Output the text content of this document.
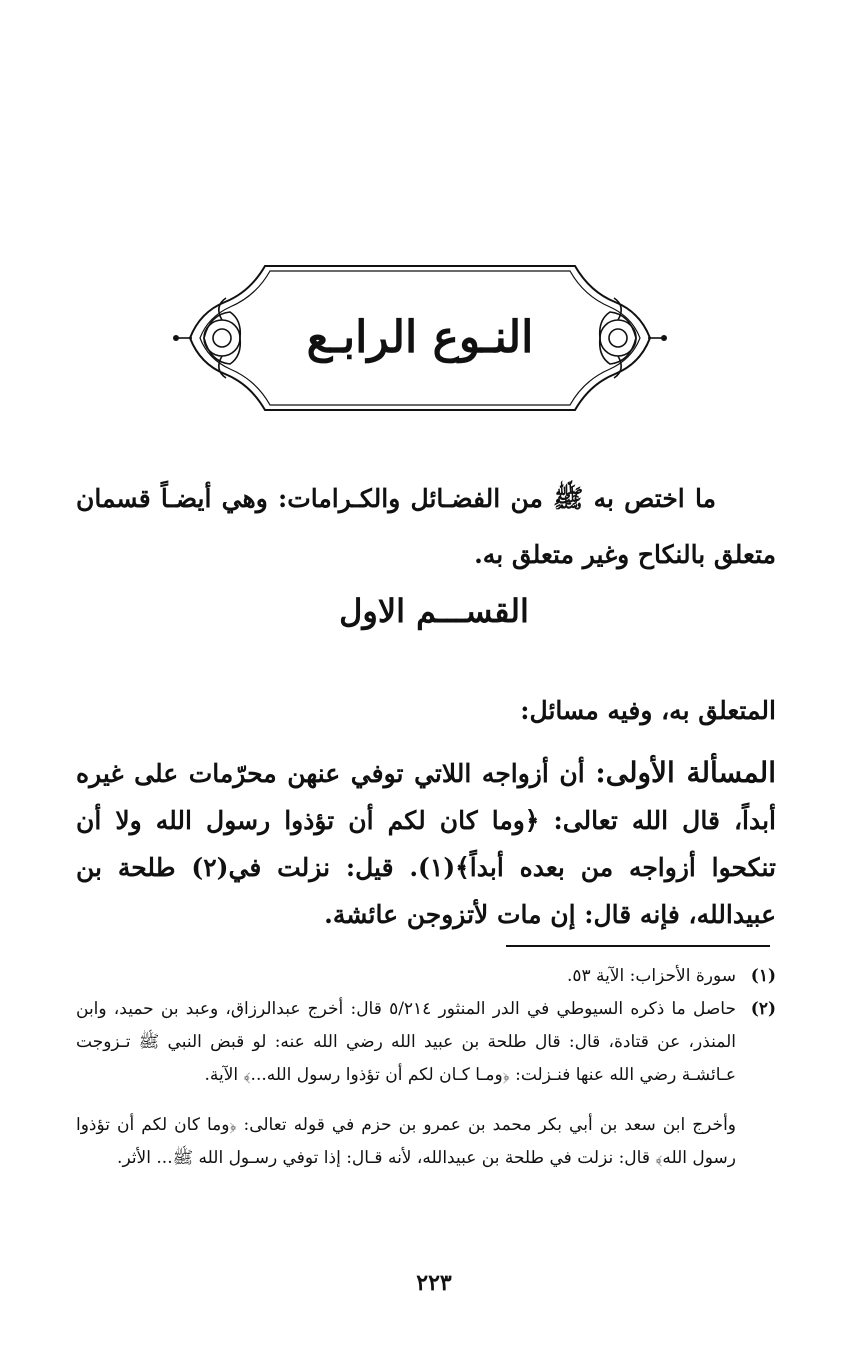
النـوع الرابـع

ما اختص به ﷺ من الفضـائل والكـرامات: وهي أيضـاً قسمان متعلق بالنكاح وغير متعلق به.

القســـم الاول

المتعلق به، وفيه مسائل:

المسألة الأولى: أن أزواجه اللاتي توفي عنهن محرّمات على غيره أبداً، قال الله تعالى: ﴿وما كان لكم أن تؤذوا رسول الله ولا أن تنكحوا أزواجه من بعده أبداً﴾(١). قيل: نزلت في(٢) طلحة بن عبيدالله، فإنه قال: إن مات لأتزوجن عائشة.

(١)

سورة الأحزاب: الآية ٥٣.

(٢)

حاصل ما ذكره السيوطي في الدر المنثور ٥/٢١٤ قال: أخرج عبدالرزاق، وعبد بن حميد، وابن المنذر، عن قتادة، قال: قال طلحة بن عبيد الله رضي الله عنه: لو قبض النبي ﷺ تـزوجت عـائشـة رضي الله عنها فنـزلت: ﴿ومـا كـان لكم أن تؤذوا رسول الله...﴾ الآية.

وأخرج ابن سعد بن أبي بكر محمد بن عمرو بن حزم في قوله تعالى: ﴿وما كان لكم أن تؤذوا رسول الله﴾ قال: نزلت في طلحة بن عبيدالله، لأنه قـال: إذا توفي رسـول الله ﷺ... الأثر.

٢٢٣
